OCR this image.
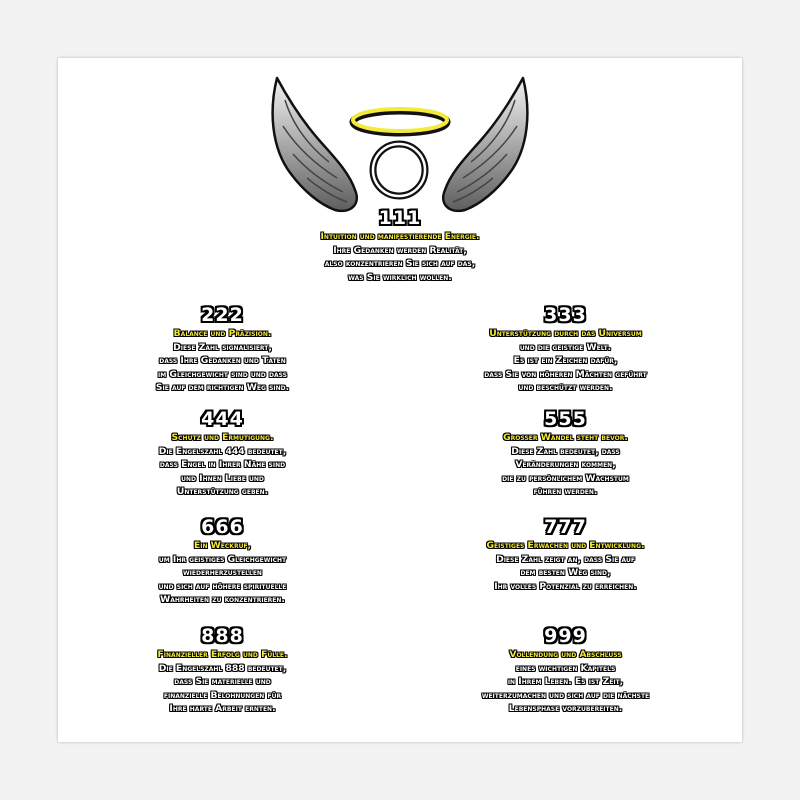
111
Intuition und manifestierende Energie.
Ihre Gedanken werden Realität,
also konzentrieren Sie sich auf das,
was Sie wirklich wollen.
222
Balance und Präzision.
Diese Zahl signalisiert,
dass Ihre Gedanken und Taten
im Gleichgewicht sind und dass
Sie auf dem richtigen Weg sind.
333
Unterstützung durch das Universum
und die geistige Welt.
Es ist ein Zeichen dafür,
dass Sie von höheren Mächten geführt
und beschützt werden.
444
Schutz und Ermutigung.
Die Engelszahl 444 bedeutet,
dass Engel in Ihrer Nähe sind
und Ihnen Liebe und
Unterstützung geben.
555
Grosser Wandel steht bevor.
Diese Zahl bedeutet, dass
Veränderungen kommen,
die zu persönlichem Wachstum
führen werden.
666
Ein Weckruf,
um Ihr geistiges Gleichgewicht
wiederherzustellen
und sich auf höhere spirituelle
Wahrheiten zu konzentrieren.
777
Geistiges Erwachen und Entwicklung.
Diese Zahl zeigt an, dass Sie auf
dem besten Weg sind,
Ihr volles Potenzial zu erreichen.
888
Finanzieller Erfolg und Fülle.
Die Engelszahl 888 bedeutet,
dass Sie materielle und
finanzielle Belohnungen für
Ihre harte Arbeit ernten.
999
Vollendung und Abschluss
eines wichtigen Kapitels
in Ihrem Leben. Es ist Zeit,
weiterzumachen und sich auf die nächste
Lebensphase vorzubereiten.
